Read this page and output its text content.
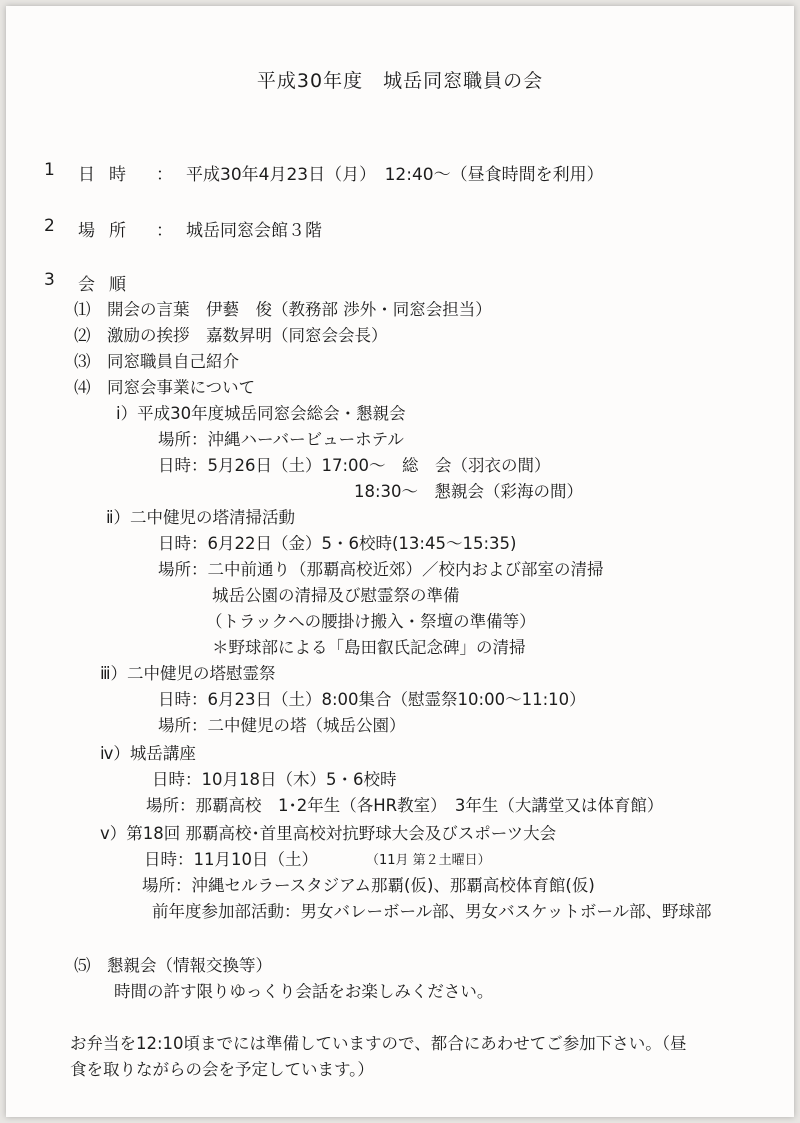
平成30年度　城岳同窓職員の会
1 日時 ： 平成30年4月23日（月）　12:40～（昼食時間を利用）
2 場所 ： 城岳同窓会館３階
3 会順
⑴　開会の言葉　伊藝　俊（教務部 渉外・同窓会担当）
⑵　激励の挨拶　嘉数昇明（同窓会会長）
⑶　同窓職員自己紹介
⑷　同窓会事業について
ⅰ）平成30年度城岳同窓会総会・懇親会
場所：沖縄ハーバービューホテル
日時：5月26日（土）17:00～　総　会（羽衣の間）
18:30～　懇親会（彩海の間）
ⅱ）二中健児の塔清掃活動
日時：6月22日（金）5・6校時(13:45～15:35)
場所：二中前通り（那覇高校近郊）／校内および部室の清掃
城岳公園の清掃及び慰霊祭の準備
（トラックへの腰掛け搬入・祭壇の準備等）
＊野球部による「島田叡氏記念碑」の清掃
ⅲ）二中健児の塔慰霊祭
日時：6月23日（土）8:00集合（慰霊祭10:00～11:10）
場所：二中健児の塔（城岳公園）
ⅳ）城岳講座
日時：10月18日（木）5・6校時
場所：那覇高校　1･2年生（各HR教室）　3年生（大講堂又は体育館）
ⅴ）第18回 那覇高校･首里高校対抗野球大会及びスポーツ大会
日時：11月10日（土）	（11月 第２土曜日）
場所：沖縄セルラースタジアム那覇(仮)、那覇高校体育館(仮)
前年度参加部活動：男女バレーボール部、男女バスケットボール部、野球部
⑸　懇親会（情報交換等）
時間の許す限りゆっくり会話をお楽しみください。
お弁当を12:10頃までには準備していますので、都合にあわせてご参加下さい。（昼
食を取りながらの会を予定しています。）
